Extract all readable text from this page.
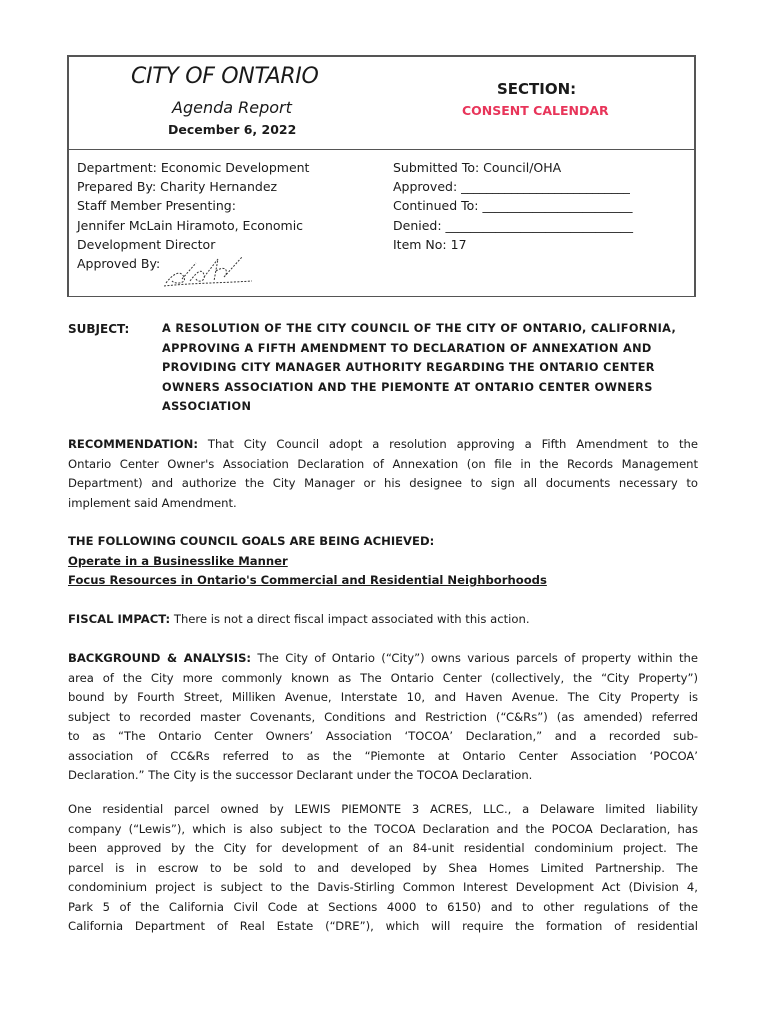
CITY OF ONTARIO
Agenda Report
December 6, 2022
SECTION:
CONSENT CALENDAR
Department: Economic Development
Prepared By: Charity Hernandez
Staff Member Presenting:
Jennifer McLain Hiramoto, Economic
Development Director
Approved By:
Submitted To: Council/OHA
Approved: ___________________________
Continued To: ________________________
Denied: ______________________________
Item No: 17
SUBJECT:	A RESOLUTION OF THE CITY COUNCIL OF THE CITY OF ONTARIO, CALIFORNIA,
APPROVING A FIFTH AMENDMENT TO DECLARATION OF ANNEXATION AND
PROVIDING CITY MANAGER AUTHORITY REGARDING THE ONTARIO CENTER
OWNERS ASSOCIATION AND THE PIEMONTE AT ONTARIO CENTER OWNERS
ASSOCIATION
RECOMMENDATION: That City Council adopt a resolution approving a Fifth Amendment to the
Ontario Center Owner's Association Declaration of Annexation (on file in the Records Management
Department) and authorize the City Manager or his designee to sign all documents necessary to
implement said Amendment.
THE FOLLOWING COUNCIL GOALS ARE BEING ACHIEVED:
Operate in a Businesslike Manner
Focus Resources in Ontario's Commercial and Residential Neighborhoods
FISCAL IMPACT: There is not a direct fiscal impact associated with this action.
BACKGROUND & ANALYSIS: The City of Ontario (“City”) owns various parcels of property within the
area of the City more commonly known as The Ontario Center (collectively, the “City Property”)
bound by Fourth Street, Milliken Avenue, Interstate 10, and Haven Avenue. The City Property is
subject to recorded master Covenants, Conditions and Restriction (“C&Rs”) (as amended) referred
to as “The Ontario Center Owners’ Association ‘TOCOA’ Declaration,” and a recorded sub-
association of CC&Rs referred to as the “Piemonte at Ontario Center Association ‘POCOA’
Declaration.” The City is the successor Declarant under the TOCOA Declaration.
One residential parcel owned by LEWIS PIEMONTE 3 ACRES, LLC., a Delaware limited liability
company (“Lewis”), which is also subject to the TOCOA Declaration and the POCOA Declaration, has
been approved by the City for development of an 84-unit residential condominium project. The
parcel is in escrow to be sold to and developed by Shea Homes Limited Partnership. The
condominium project is subject to the Davis-Stirling Common Interest Development Act (Division 4,
Park 5 of the California Civil Code at Sections 4000 to 6150) and to other regulations of the
California Department of Real Estate (“DRE”), which will require the formation of residential
